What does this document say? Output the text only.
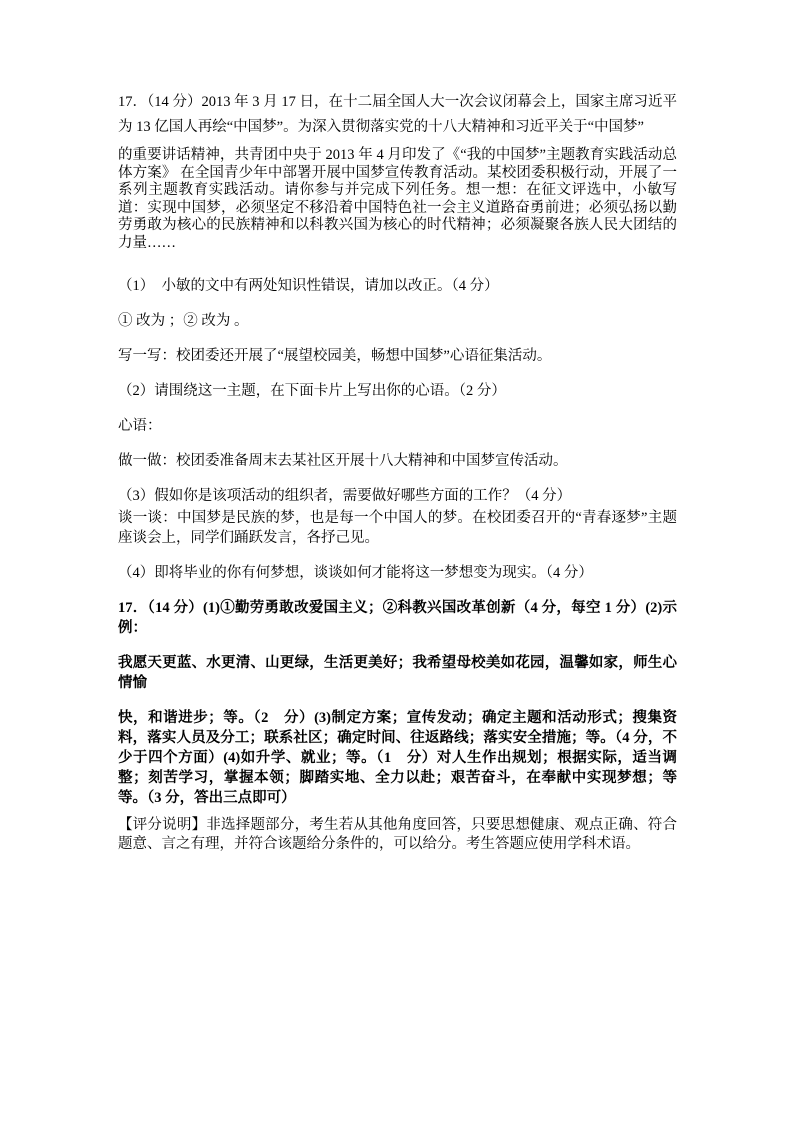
17．（14 分）2013 年 3 月 17 日，在十二届全国人大一次会议闭幕会上，国家主席习近平为 13 亿国人再绘“中国梦”。为深入贯彻落实党的十八大精神和习近平关于“中国梦”

的重要讲话精神，共青团中央于 2013 年 4 月印发了《“我的中国梦”主题教育实践活动总体方案》 在全国青少年中部署开展中国梦宣传教育活动。某校团委积极行动，开展了一系列主题教育实践活动。请你参与并完成下列任务。想一想：在征文评选中，小敏写道：实现中国梦，必须坚定不移沿着中国特色社一会主义道路奋勇前进；必须弘扬以勤劳勇敢为核心的民族精神和以科教兴国为核心的时代精神；必须凝聚各族人民大团结的力量……

（1）　小敏的文中有两处知识性错误，请加以改正。（4 分）

① 改为 ；② 改为 。

写一写：校团委还开展了“展望校园美，畅想中国梦”心语征集活动。

（2）请围绕这一主题，在下面卡片上写出你的心语。（2 分）

心语：

做一做：校团委准备周末去某社区开展十八大精神和中国梦宣传活动。

（3）假如你是该项活动的组织者，需要做好哪些方面的工作？（4 分）

谈一谈：中国梦是民族的梦，也是每一个中国人的梦。在校团委召开的“青春逐梦”主题座谈会上，同学们踊跃发言，各抒己见。

（4）即将毕业的你有何梦想，谈谈如何才能将这一梦想变为现实。（4 分）

17．（14 分）(1)①勤劳勇敢改爱国主义；②科教兴国改革创新（4 分，每空 1 分）(2)示例：

我愿天更蓝、水更清、山更绿，生活更美好；我希望母校美如花园，温馨如家，师生心情愉

快，和谐进步；等。（2　分）(3)制定方案；宣传发动；确定主题和活动形式；搜集资料，落实人员及分工；联系社区；确定时间、往返路线；落实安全措施；等。（4 分，不少于四个方面）(4)如升学、就业；等。（1　分）对人生作出规划；根据实际，适当调整；刻苦学习，掌握本领；脚踏实地、全力以赴；艰苦奋斗，在奉献中实现梦想；等等。（3 分，答出三点即可）

【评分说明】非选择题部分，考生若从其他角度回答，只要思想健康、观点正确、符合题意、言之有理，并符合该题给分条件的，可以给分。考生答题应使用学科术语。
